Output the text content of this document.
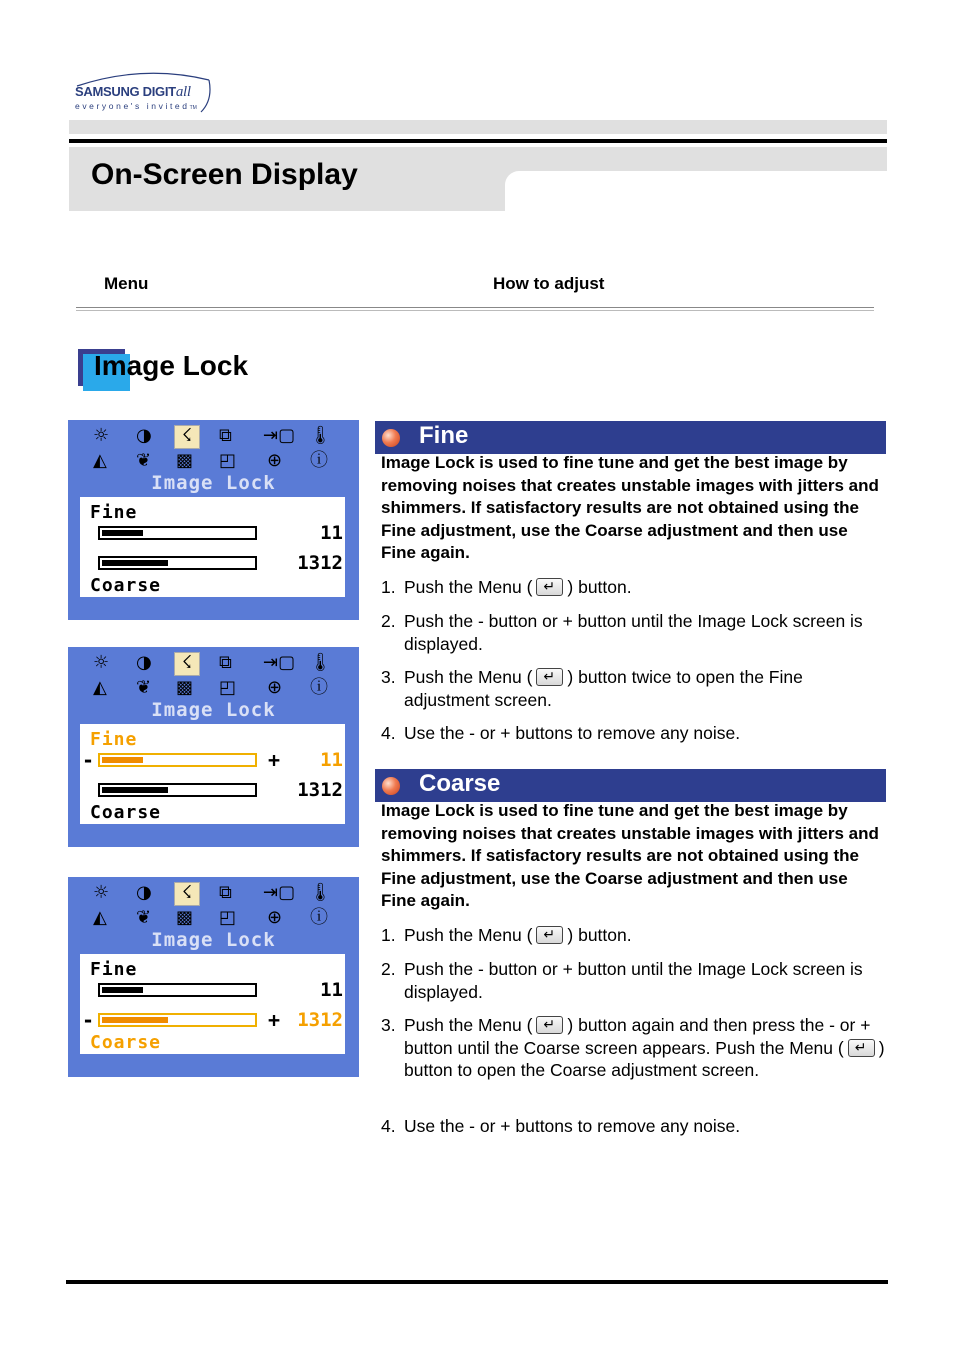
SAMSUNG DIGITall
everyone's invitedTM
On-Screen Display
Menu	How to adjust
Image Lock
☼ ◑	☇	⧉ ⇥▢ 🌡︎
◭ ❦ ▩ ◰ ⊕ ⓘ
Image Lock
Fine
11
1312
Coarse
☼ ◑	☇	⧉ ⇥▢ 🌡︎
◭ ❦ ▩ ◰ ⊕ ⓘ
Image Lock
Fine
-	+	11
1312
Coarse
☼ ◑	☇	⧉ ⇥▢ 🌡︎
◭ ❦ ▩ ◰ ⊕ ⓘ
Image Lock
Fine
11
-	+ 1312
Coarse
Fine
Image Lock is used to fine tune and get the best image by removing noises that creates unstable images with jitters and shimmers. If satisfactory results are not obtained using the Fine adjustment, use the Coarse adjustment and then use Fine again.
1. Push the Menu ( ↵ ) button.
2. Push the - button or + button until the Image Lock screen is displayed.
3. Push the Menu ( ↵ ) button twice to open the Fine adjustment screen.
4. Use the - or + buttons to remove any noise.
Coarse
Image Lock is used to fine tune and get the best image by removing noises that creates unstable images with jitters and shimmers. If satisfactory results are not obtained using the Fine adjustment, use the Coarse adjustment and then use Fine again.
1. Push the Menu ( ↵ ) button.
2. Push the - button or + button until the Image Lock screen is displayed.
3. Push the Menu ( ↵ ) button again and then press the - or + button until the Coarse screen appears. Push the Menu ( ↵ ) button to open the Coarse adjustment screen.
4. Use the - or + buttons to remove any noise.
